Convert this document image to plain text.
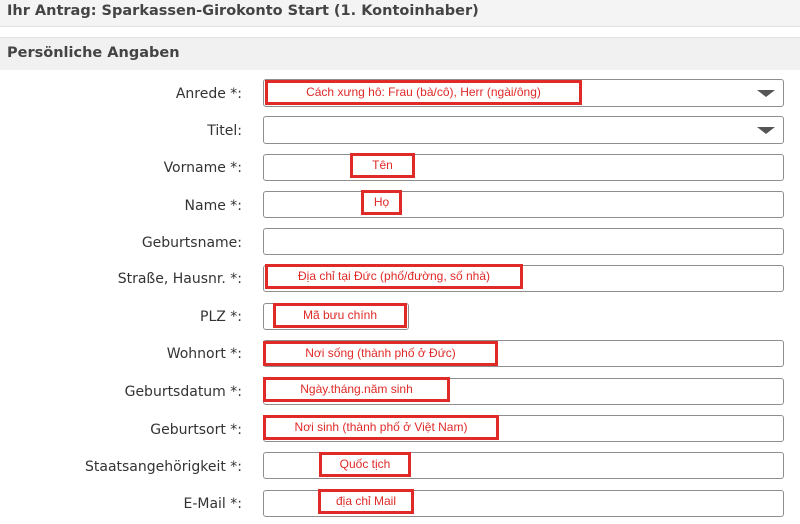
Ihr Antrag: Sparkassen-Girokonto Start (1. Kontoinhaber)
Persönliche Angaben
Anrede *:	Cách xưng hô: Frau (bà/cô), Herr (ngài/ông)
Titel:
Vorname *:	Tên
Name *:	Họ
Geburtsname:
Straße, Hausnr. *:	Địa chỉ tại Đức (phố/đường, số nhà)
PLZ *:	Mã bưu chính
Wohnort *:	Nơi sống (thành phố ở Đức)
Geburtsdatum *:	Ngày.tháng.năm sinh
Geburtsort *:	Nơi sinh (thành phố ở Việt Nam)
Staatsangehörigkeit *:	Quốc tịch
E-Mail *:	địa chỉ Mail
